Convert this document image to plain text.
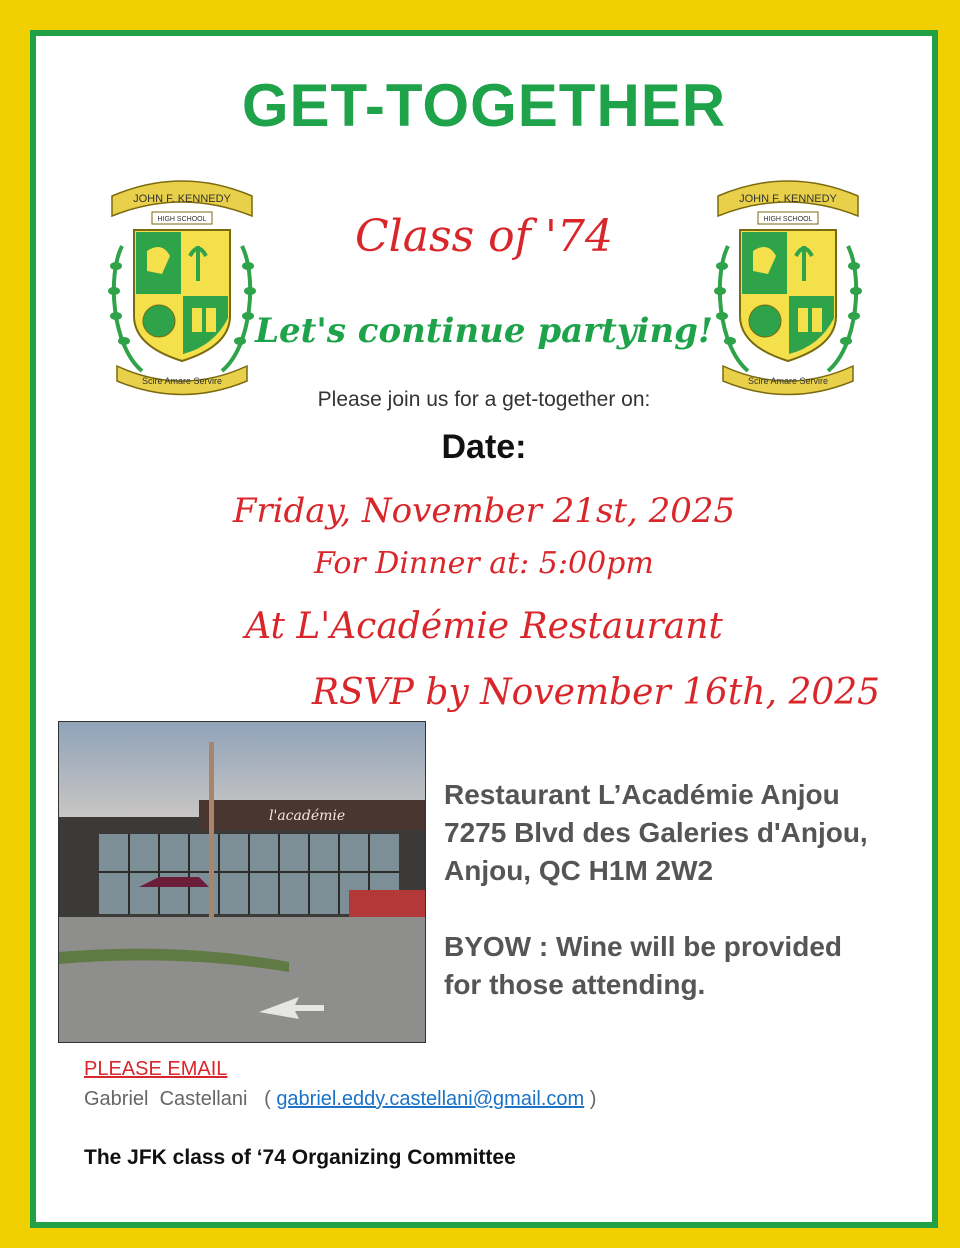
GET-TOGETHER
JOHN F. KENNEDY
HIGH SCHOOL
Scire Amare Servire
JOHN F. KENNEDY
HIGH SCHOOL
Scire Amare Servire
Class of '74
Let's continue partying!
Please join us for a get-together on:
Date:
Friday, November 21st, 2025
For Dinner at: 5:00pm
At L'Académie Restaurant
RSVP by November 16th, 2025
l'académie
Restaurant L’Académie Anjou
7275 Blvd des Galeries d'Anjou,
Anjou, QC H1M 2W2
BYOW : Wine will be provided
for those attending.
PLEASE EMAIL
Gabriel  Castellani   ( gabriel.eddy.castellani@gmail.com )
The JFK class of ‘74 Organizing Committee
